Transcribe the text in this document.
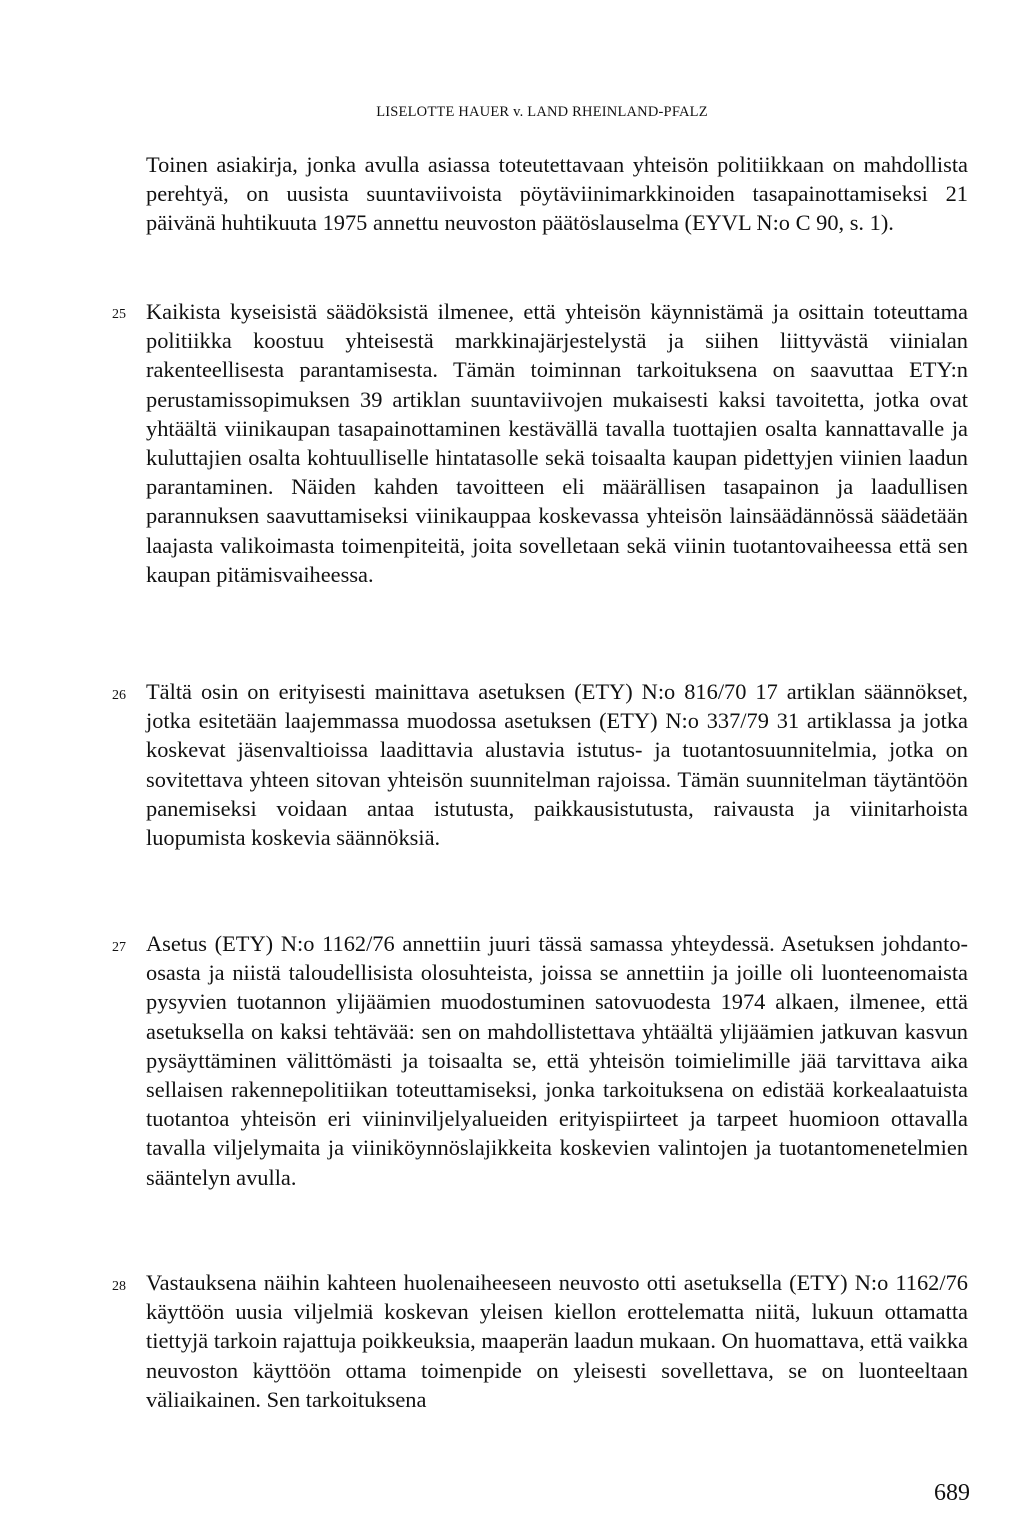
LISELOTTE HAUER v. LAND RHEINLAND-PFALZ

Toinen asiakirja, jonka avulla asiassa toteutettavaan yhteisön politiikkaan on mahdollista perehtyä, on uusista suuntaviivoista pöytäviinimarkkinoiden tasapainottamiseksi 21 päivänä huhtikuuta 1975 annettu neuvoston päätöslauselma (EYVL N:o C 90, s. 1).

25 Kaikista kyseisistä säädöksistä ilmenee, että yhteisön käynnistämä ja osittain toteuttama politiikka koostuu yhteisestä markkinajärjestelystä ja siihen liittyvästä viinialan rakenteellisesta parantamisesta. Tämän toiminnan tarkoituksena on saavuttaa ETY:n perustamissopimuksen 39 artiklan suuntaviivojen mukaisesti kaksi tavoitetta, jotka ovat yhtäältä viinikaupan tasapainottaminen kestävällä tavalla tuottajien osalta kannattavalle ja kuluttajien osalta kohtuulliselle hintatasolle sekä toisaalta kaupan pidettyjen viinien laadun parantaminen. Näiden kahden tavoitteen eli määrällisen tasapainon ja laadullisen parannuksen saavuttamiseksi viinikauppaa koskevassa yhteisön lainsäädännössä säädetään laajasta valikoimasta toimenpiteitä, joita sovelletaan sekä viinin tuotantovaiheessa että sen kaupan pitämisvaiheessa.

26 Tältä osin on erityisesti mainittava asetuksen (ETY) N:o 816/70 17 artiklan säännökset, jotka esitetään laajemmassa muodossa asetuksen (ETY) N:o 337/79 31 artiklassa ja jotka koskevat jäsenvaltioissa laadittavia alustavia istutus- ja tuotantosuunnitelmia, jotka on sovitettava yhteen sitovan yhteisön suunnitelman rajoissa. Tämän suunnitelman täytäntöön panemiseksi voidaan antaa istutusta, paikkausistutusta, raivausta ja viinitarhoista luopumista koskevia säännöksiä.

27 Asetus (ETY) N:o 1162/76 annettiin juuri tässä samassa yhteydessä. Asetuksen johdanto-osasta ja niistä taloudellisista olosuhteista, joissa se annettiin ja joille oli luonteenomaista pysyvien tuotannon ylijäämien muodostuminen satovuodesta 1974 alkaen, ilmenee, että asetuksella on kaksi tehtävää: sen on mahdollistettava yhtäältä ylijäämien jatkuvan kasvun pysäyttäminen välittömästi ja toisaalta se, että yhteisön toimielimille jää tarvittava aika sellaisen rakennepolitiikan toteuttamiseksi, jonka tarkoituksena on edistää korkealaatuista tuotantoa yhteisön eri viininviljelyalueiden erityispiirteet ja tarpeet huomioon ottavalla tavalla viljelymaita ja viiniköynnöslajikkeita koskevien valintojen ja tuotantomenetelmien sääntelyn avulla.

28 Vastauksena näihin kahteen huolenaiheeseen neuvosto otti asetuksella (ETY) N:o 1162/76 käyttöön uusia viljelmiä koskevan yleisen kiellon erottelematta niitä, lukuun ottamatta tiettyjä tarkoin rajattuja poikkeuksia, maaperän laadun mukaan. On huomattava, että vaikka neuvoston käyttöön ottama toimenpide on yleisesti sovellettava, se on luonteeltaan väliaikainen. Sen tarkoituksena

689
